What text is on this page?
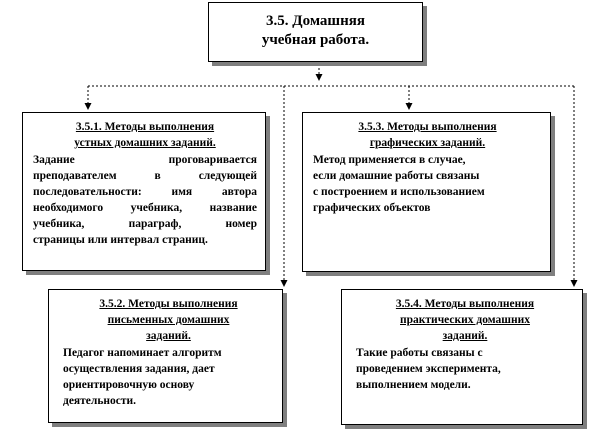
3.5. Домашняя
учебная работа.
3.5.1. Методы выполнения
устных домашних заданий.
Задание проговаривается
преподавателем в следующей
последовательности: имя автора
необходимого учебника, название
учебника, параграф, номер
страницы или интервал страниц.
3.5.3. Методы выполнения
графических заданий.
Метод применяется в случае,
если домашние работы связаны
с построением и использованием
графических объектов
3.5.2. Методы выполнения
письменных домашних
заданий.
Педагог напоминает алгоритм
осуществления задания, дает
ориентировочную основу
деятельности.
3.5.4. Методы выполнения
практических домашних
заданий.
Такие работы связаны с
проведением эксперимента,
выполнением модели.
